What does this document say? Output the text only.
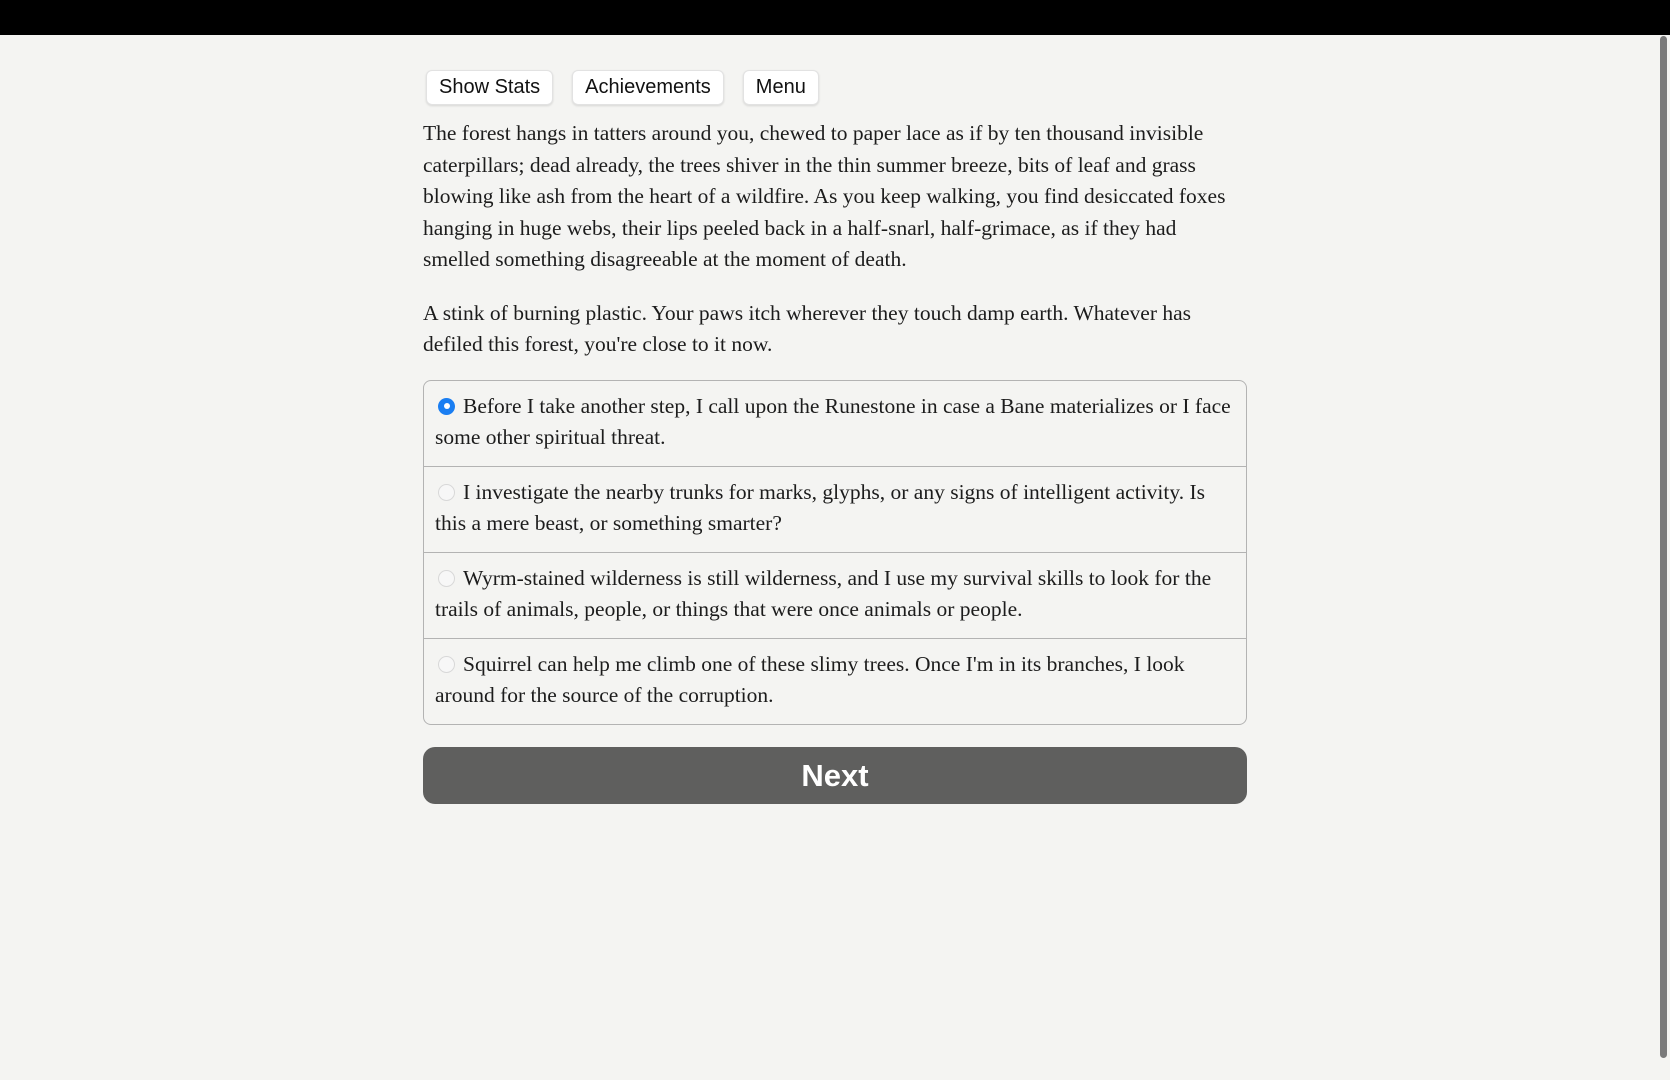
Show Stats	Achievements	Menu

The forest hangs in tatters around you, chewed to paper lace as if by ten thousand invisible caterpillars; dead already, the trees shiver in the thin summer breeze, bits of leaf and grass blowing like ash from the heart of a wildfire. As you keep walking, you find desiccated foxes hanging in huge webs, their lips peeled back in a half-snarl, half-grimace, as if they had smelled something disagreeable at the moment of death.

A stink of burning plastic. Your paws itch wherever they touch damp earth. Whatever has defiled this forest, you're close to it now.

Before I take another step, I call upon the Runestone in case a Bane materializes or I face some other spiritual threat.
I investigate the nearby trunks for marks, glyphs, or any signs of intelligent activity. Is this a mere beast, or something smarter?
Wyrm-stained wilderness is still wilderness, and I use my survival skills to look for the trails of animals, people, or things that were once animals or people.
Squirrel can help me climb one of these slimy trees. Once I'm in its branches, I look around for the source of the corruption.
Next
